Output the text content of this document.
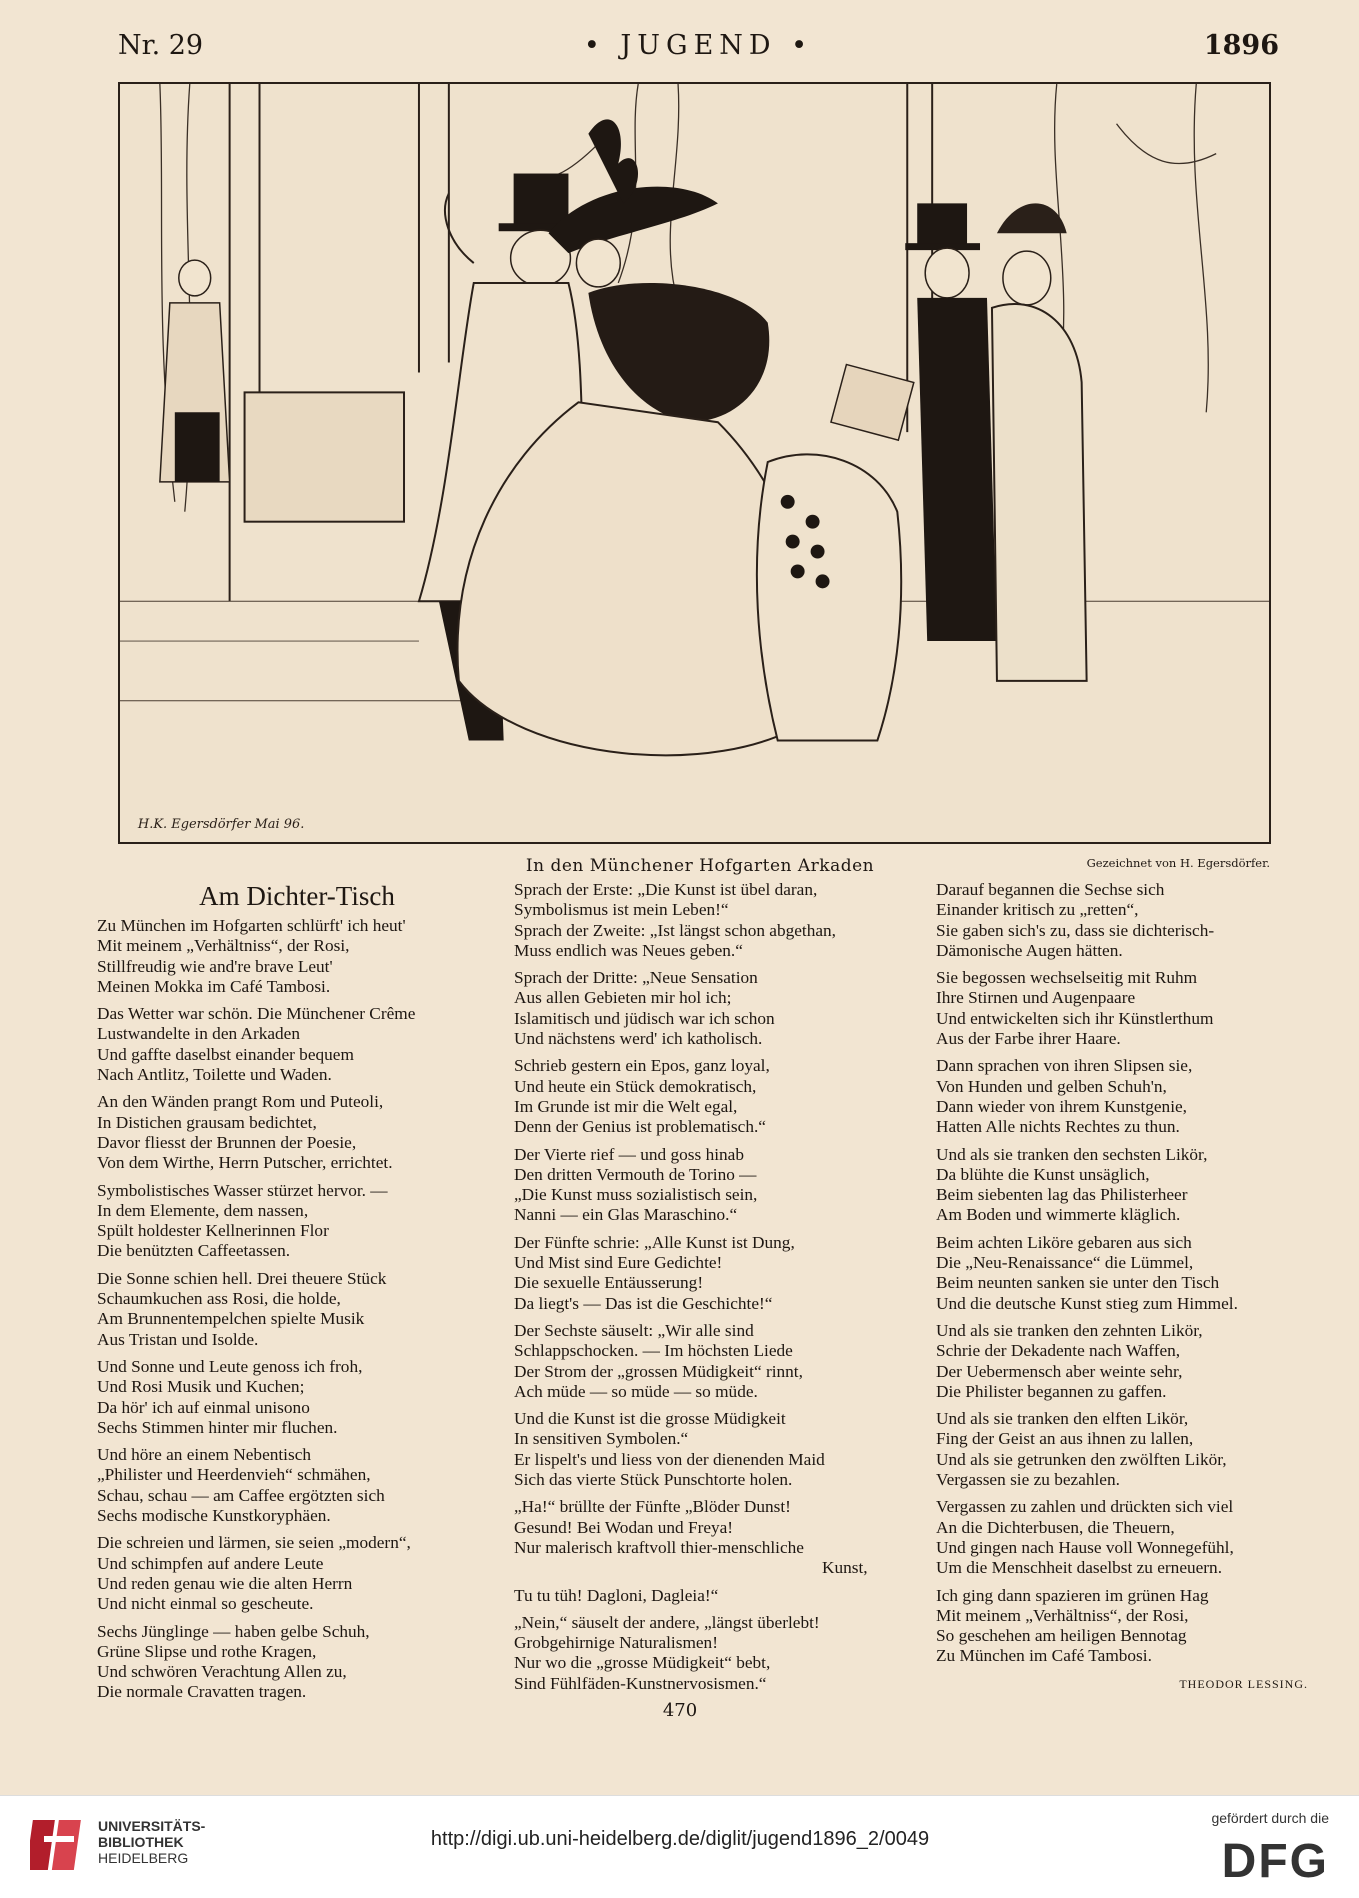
Nr. 29	• JUGEND •	1896
H.K. Egersdörfer Mai 96.
In den Münchener Hofgarten Arkaden	Gezeichnet von H. Egersdörfer.
Am Dichter-Tisch
Zu München im Hofgarten schlürft' ich heut'
Mit meinem „Verhältniss“, der Rosi,
Stillfreudig wie and're brave Leut'
Meinen Mokka im Café Tambosi.
Das Wetter war schön. Die Münchener Crême
Lustwandelte in den Arkaden
Und gaffte daselbst einander bequem
Nach Antlitz, Toilette und Waden.
An den Wänden prangt Rom und Puteoli,
In Distichen grausam bedichtet,
Davor fliesst der Brunnen der Poesie,
Von dem Wirthe, Herrn Putscher, errichtet.
Symbolistisches Wasser stürzet hervor. —
In dem Elemente, dem nassen,
Spült holdester Kellnerinnen Flor
Die benützten Caffeetassen.
Die Sonne schien hell. Drei theuere Stück
Schaumkuchen ass Rosi, die holde,
Am Brunnentempelchen spielte Musik
Aus Tristan und Isolde.
Und Sonne und Leute genoss ich froh,
Und Rosi Musik und Kuchen;
Da hör' ich auf einmal unisono
Sechs Stimmen hinter mir fluchen.
Und höre an einem Nebentisch
„Philister und Heerdenvieh“ schmähen,
Schau, schau — am Caffee ergötzten sich
Sechs modische Kunstkoryphäen.
Die schreien und lärmen, sie seien „modern“,
Und schimpfen auf andere Leute
Und reden genau wie die alten Herrn
Und nicht einmal so gescheute.
Sechs Jünglinge — haben gelbe Schuh,
Grüne Slipse und rothe Kragen,
Und schwören Verachtung Allen zu,
Die normale Cravatten tragen.
Sprach der Erste: „Die Kunst ist übel daran,
Symbolismus ist mein Leben!“
Sprach der Zweite: „Ist längst schon abgethan,
Muss endlich was Neues geben.“
Sprach der Dritte: „Neue Sensation
Aus allen Gebieten mir hol ich;
Islamitisch und jüdisch war ich schon
Und nächstens werd' ich katholisch.
Schrieb gestern ein Epos, ganz loyal,
Und heute ein Stück demokratisch,
Im Grunde ist mir die Welt egal,
Denn der Genius ist problematisch.“
Der Vierte rief — und goss hinab
Den dritten Vermouth de Torino —
„Die Kunst muss sozialistisch sein,
Nanni — ein Glas Maraschino.“
Der Fünfte schrie: „Alle Kunst ist Dung,
Und Mist sind Eure Gedichte!
Die sexuelle Entäusserung!
Da liegt's — Das ist die Geschichte!“
Der Sechste säuselt: „Wir alle sind
Schlappschocken. — Im höchsten Liede
Der Strom der „grossen Müdigkeit“ rinnt,
Ach müde — so müde — so müde.
Und die Kunst ist die grosse Müdigkeit
In sensitiven Symbolen.“
Er lispelt's und liess von der dienenden Maid
Sich das vierte Stück Punschtorte holen.
„Ha!“ brüllte der Fünfte „Blöder Dunst!
Gesund! Bei Wodan und Freya!
Nur malerisch kraftvoll thier-menschliche
Kunst,
Tu tu tüh! Dagloni, Dagleia!“
„Nein,“ säuselt der andere, „längst überlebt!
Grobgehirnige Naturalismen!
Nur wo die „grosse Müdigkeit“ bebt,
Sind Fühlfäden-Kunstnervosismen.“
Darauf begannen die Sechse sich
Einander kritisch zu „retten“,
Sie gaben sich's zu, dass sie dichterisch-
Dämonische Augen hätten.
Sie begossen wechselseitig mit Ruhm
Ihre Stirnen und Augenpaare
Und entwickelten sich ihr Künstlerthum
Aus der Farbe ihrer Haare.
Dann sprachen von ihren Slipsen sie,
Von Hunden und gelben Schuh'n,
Dann wieder von ihrem Kunstgenie,
Hatten Alle nichts Rechtes zu thun.
Und als sie tranken den sechsten Likör,
Da blühte die Kunst unsäglich,
Beim siebenten lag das Philisterheer
Am Boden und wimmerte kläglich.
Beim achten Liköre gebaren aus sich
Die „Neu-Renaissance“ die Lümmel,
Beim neunten sanken sie unter den Tisch
Und die deutsche Kunst stieg zum Himmel.
Und als sie tranken den zehnten Likör,
Schrie der Dekadente nach Waffen,
Der Uebermensch aber weinte sehr,
Die Philister begannen zu gaffen.
Und als sie tranken den elften Likör,
Fing der Geist an aus ihnen zu lallen,
Und als sie getrunken den zwölften Likör,
Vergassen sie zu bezahlen.
Vergassen zu zahlen und drückten sich viel
An die Dichterbusen, die Theuern,
Und gingen nach Hause voll Wonnegefühl,
Um die Menschheit daselbst zu erneuern.
Ich ging dann spazieren im grünen Hag
Mit meinem „Verhältniss“, der Rosi,
So geschehen am heiligen Bennotag
Zu München im Café Tambosi.
THEODOR LESSING.
470
UNIVERSITÄTS-
BIBLIOTHEK
HEIDELBERG
http://digi.ub.uni-heidelberg.de/diglit/jugend1896_2/0049
gefördert durch die
DFG
